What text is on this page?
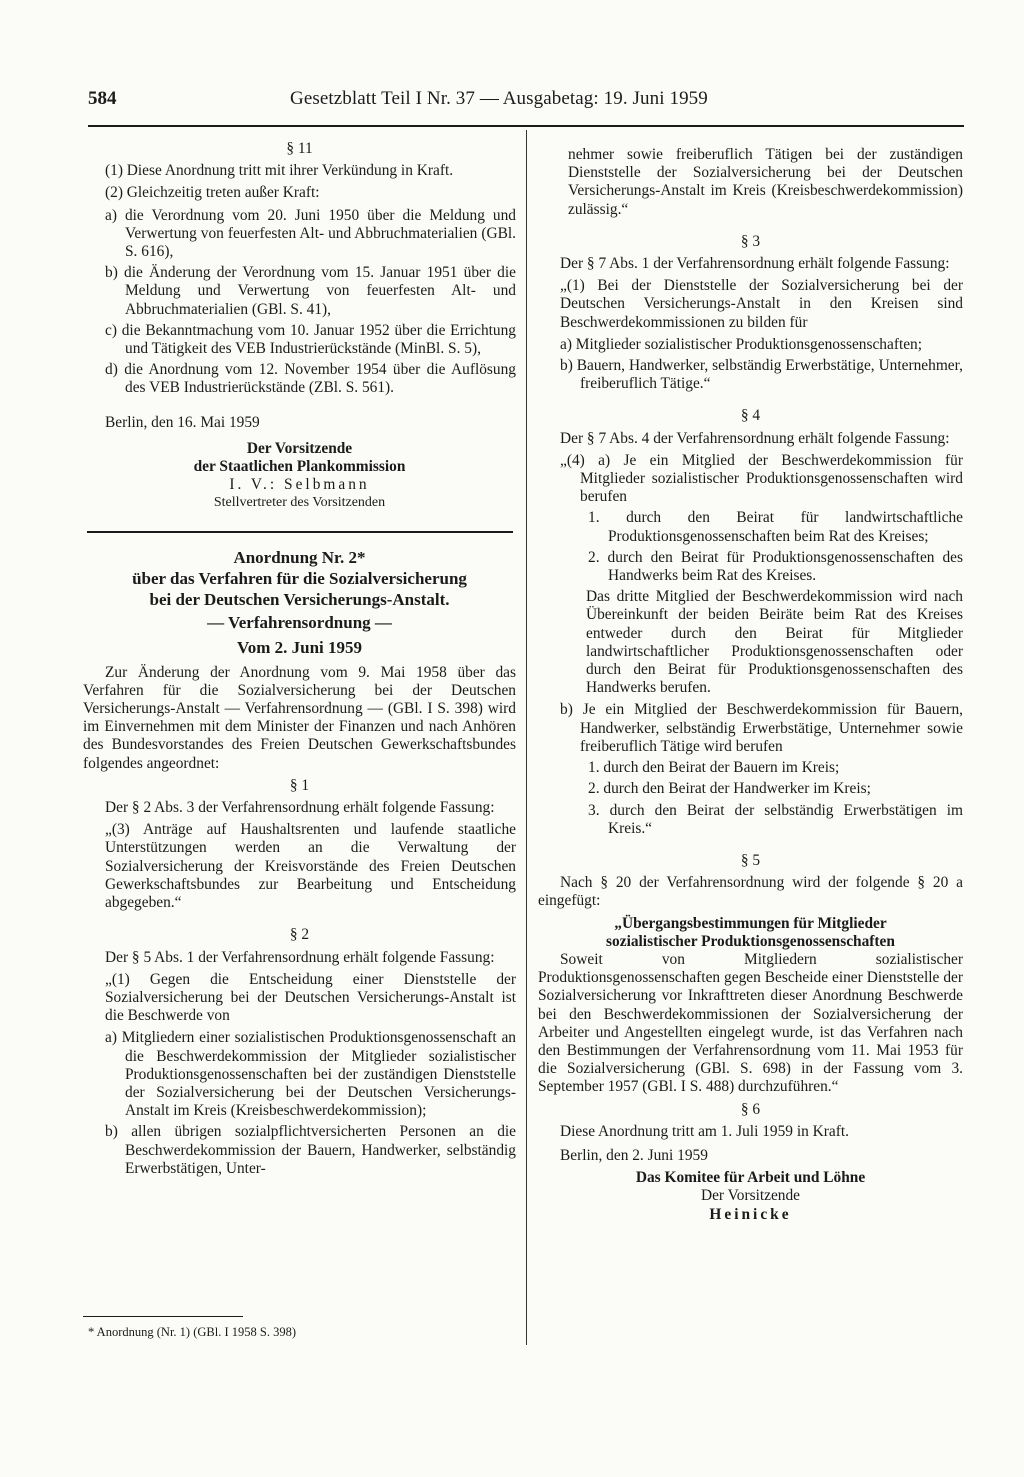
584	Gesetzblatt Teil I Nr. 37 — Ausgabetag: 19. Juni 1959
§ 11

(1) Diese Anordnung tritt mit ihrer Verkündung in Kraft.

(2) Gleichzeitig treten außer Kraft:

a) die Verordnung vom 20. Juni 1950 über die Meldung und Verwertung von feuerfesten Alt- und Abbruchmaterialien (GBl. S. 616),

b) die Änderung der Verordnung vom 15. Januar 1951 über die Meldung und Verwertung von feuerfesten Alt- und Abbruchmaterialien (GBl. S. 41),

c) die Bekanntmachung vom 10. Januar 1952 über die Errichtung und Tätigkeit des VEB Industrierückstände (MinBl. S. 5),

d) die Anordnung vom 12. November 1954 über die Auflösung des VEB Industrierückstände (ZBl. S. 561).

Berlin, den 16. Mai 1959

Der Vorsitzende
der Staatlichen Plankommission
I. V.: Selbmann
Stellvertreter des Vorsitzenden
Anordnung Nr. 2*
über das Verfahren für die Sozialversicherung
bei der Deutschen Versicherungs-Anstalt.
— Verfahrensordnung —
Vom 2. Juni 1959

Zur Änderung der Anordnung vom 9. Mai 1958 über das Verfahren für die Sozialversicherung bei der Deutschen Versicherungs-Anstalt — Verfahrensordnung — (GBl. I S. 398) wird im Einvernehmen mit dem Minister der Finanzen und nach Anhören des Bundesvorstandes des Freien Deutschen Gewerkschaftsbundes folgendes angeordnet:

§ 1

Der § 2 Abs. 3 der Verfahrensordnung erhält folgende Fassung:

„(3) Anträge auf Haushaltsrenten und laufende staatliche Unterstützungen werden an die Verwaltung der Sozialversicherung der Kreisvorstände des Freien Deutschen Gewerkschaftsbundes zur Bearbeitung und Entscheidung abgegeben.“

§ 2

Der § 5 Abs. 1 der Verfahrensordnung erhält folgende Fassung:

„(1) Gegen die Entscheidung einer Dienststelle der Sozialversicherung bei der Deutschen Versicherungs-Anstalt ist die Beschwerde von

a) Mitgliedern einer sozialistischen Produktionsgenossenschaft an die Beschwerdekommission der Mitglieder sozialistischer Produktionsgenossenschaften bei der zuständigen Dienststelle der Sozialversicherung bei der Deutschen Versicherungs-Anstalt im Kreis (Kreisbeschwerdekommission);

b) allen übrigen sozialpflichtversicherten Personen an die Beschwerdekommission der Bauern, Handwerker, selbständig Erwerbstätigen, Unter-

* Anordnung (Nr. 1) (GBl. I 1958 S. 398)

nehmer sowie freiberuflich Tätigen bei der zuständigen Dienststelle der Sozialversicherung bei der Deutschen Versicherungs-Anstalt im Kreis (Kreisbeschwerdekommission) zulässig.“

§ 3

Der § 7 Abs. 1 der Verfahrensordnung erhält folgende Fassung:

„(1) Bei der Dienststelle der Sozialversicherung bei der Deutschen Versicherungs-Anstalt in den Kreisen sind Beschwerdekommissionen zu bilden für

a) Mitglieder sozialistischer Produktionsgenossenschaften;

b) Bauern, Handwerker, selbständig Erwerbstätige, Unternehmer, freiberuflich Tätige.“

§ 4

Der § 7 Abs. 4 der Verfahrensordnung erhält folgende Fassung:

„(4) a) Je ein Mitglied der Beschwerdekommission für Mitglieder sozialistischer Produktionsgenossenschaften wird berufen

1. durch den Beirat für landwirtschaftliche Produktionsgenossenschaften beim Rat des Kreises;

2. durch den Beirat für Produktionsgenossenschaften des Handwerks beim Rat des Kreises.

Das dritte Mitglied der Beschwerdekommission wird nach Übereinkunft der beiden Beiräte beim Rat des Kreises entweder durch den Beirat für Mitglieder landwirtschaftlicher Produktionsgenossenschaften oder durch den Beirat für Produktionsgenossenschaften des Handwerks berufen.

b) Je ein Mitglied der Beschwerdekommission für Bauern, Handwerker, selbständig Erwerbstätige, Unternehmer sowie freiberuflich Tätige wird berufen

1. durch den Beirat der Bauern im Kreis;

2. durch den Beirat der Handwerker im Kreis;

3. durch den Beirat der selbständig Erwerbstätigen im Kreis.“

§ 5

Nach § 20 der Verfahrensordnung wird der folgende § 20 a eingefügt:

„Übergangsbestimmungen für Mitglieder
sozialistischer Produktionsgenossenschaften

Soweit von Mitgliedern sozialistischer Produktionsgenossenschaften gegen Bescheide einer Dienststelle der Sozialversicherung vor Inkrafttreten dieser Anordnung Beschwerde bei den Beschwerdekommissionen der Sozialversicherung der Arbeiter und Angestellten eingelegt wurde, ist das Verfahren nach den Bestimmungen der Verfahrensordnung vom 11. Mai 1953 für die Sozialversicherung (GBl. S. 698) in der Fassung vom 3. September 1957 (GBl. I S. 488) durchzuführen.“

§ 6

Diese Anordnung tritt am 1. Juli 1959 in Kraft.

Berlin, den 2. Juni 1959

Das Komitee für Arbeit und Löhne
Der Vorsitzende
Heinicke
